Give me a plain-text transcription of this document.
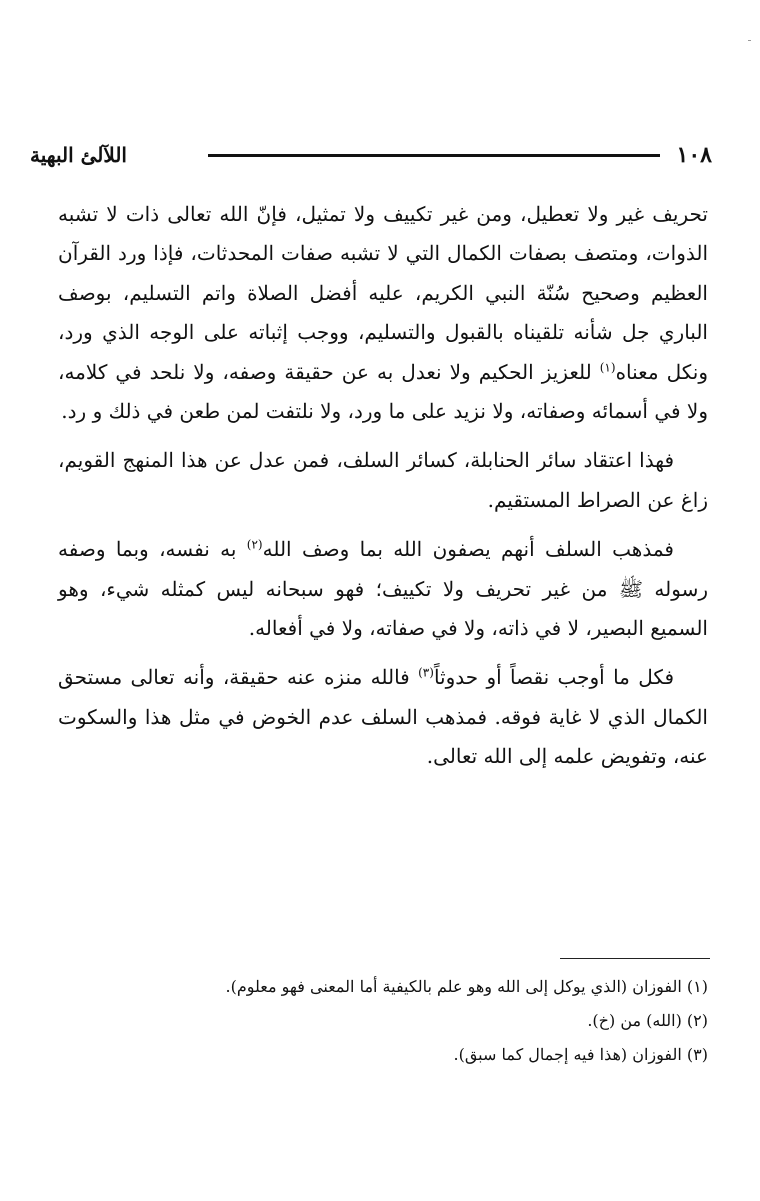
١٠٨
اللآلئ البهية

تحريف غير ولا تعطيل، ومن غير تكييف ولا تمثيل، فإنّ الله تعالى ذات لا تشبه الذوات، ومتصف بصفات الكمال التي لا تشبه صفات المحدثات، فإذا ورد القرآن العظيم وصحيح سُنّة النبي الكريم، عليه أفضل الصلاة واتم التسليم، بوصف الباري جل شأنه تلقيناه بالقبول والتسليم، ووجب إثباته على الوجه الذي ورد، ونكل معناه$^{(١)}$ للعزيز الحكيم ولا نعدل به عن حقيقة وصفه، ولا نلحد في كلامه، ولا في أسمائه وصفاته، ولا نزيد على ما ورد، ولا نلتفت لمن طعن في ذلك و رد.

فهذا اعتقاد سائر الحنابلة، كسائر السلف، فمن عدل عن هذا المنهج القويم، زاغ عن الصراط المستقيم.

فمذهب السلف أنهم يصفون الله بما وصف الله$^{(٢)}$ به نفسه، وبما وصفه رسوله ﷺ من غير تحريف ولا تكييف؛ فهو سبحانه ليس كمثله شيء، وهو السميع البصير، لا في ذاته، ولا في صفاته، ولا في أفعاله.

فكل ما أوجب نقصاً أو حدوثاً$^{(٣)}$ فالله منزه عنه حقيقة، وأنه تعالى مستحق الكمال الذي لا غاية فوقه. فمذهب السلف عدم الخوض في مثل هذا والسكوت عنه، وتفويض علمه إلى الله تعالى.

(١) الفوزان (الذي يوكل إلى الله وهو علم بالكيفية أما المعنى فهو معلوم).
(٢) (الله) من (خ).
(٣) الفوزان (هذا فيه إجمال كما سبق).
